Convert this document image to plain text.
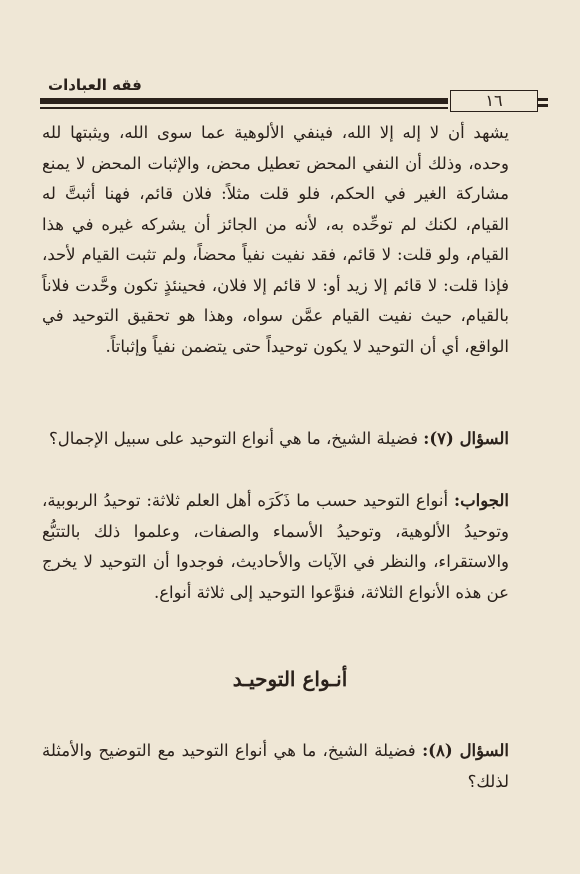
فقه العبادات
١٦
يشهد أن لا إله إلا الله، فينفي الألوهية عما سوى الله، ويثبتها لله وحده، وذلك أن النفي المحض تعطيل محض، والإثبات المحض لا يمنع مشاركة الغير في الحكم، فلو قلت مثلاً: فلان قائم، فهنا أثبتَّ له القيام، لكنك لم توحِّده به، لأنه من الجائز أن يشركه غيره في هذا القيام، ولو قلت: لا قائم، فقد نفيت نفياً محضاً، ولم تثبت القيام لأحد، فإذا قلت: لا قائم إلا زيد أو: لا قائم إلا فلان، فحينئذٍ تكون وحَّدت فلاناً بالقيام، حيث نفيت القيام عمَّن سواه، وهذا هو تحقيق التوحيد في الواقع، أي أن التوحيد لا يكون توحيداً حتى يتضمن نفياً وإثباتاً.
السؤال (٧): فضيلة الشيخ، ما هي أنواع التوحيد على سبيل الإجمال؟
الجواب: أنواع التوحيد حسب ما ذَكَرَه أهل العلم ثلاثة: توحيدُ الربوبية، وتوحيدُ الألوهية، وتوحيدُ الأسماء والصفات، وعلموا ذلك بالتتبُّع والاستقراء، والنظر في الآيات والأحاديث، فوجدوا أن التوحيد لا يخرج عن هذه الأنواع الثلاثة، فنوَّعوا التوحيد إلى ثلاثة أنواع.
أنـواع التوحيـد
السؤال (٨): فضيلة الشيخ، ما هي أنواع التوحيد مع التوضيح والأمثلة لذلك؟
